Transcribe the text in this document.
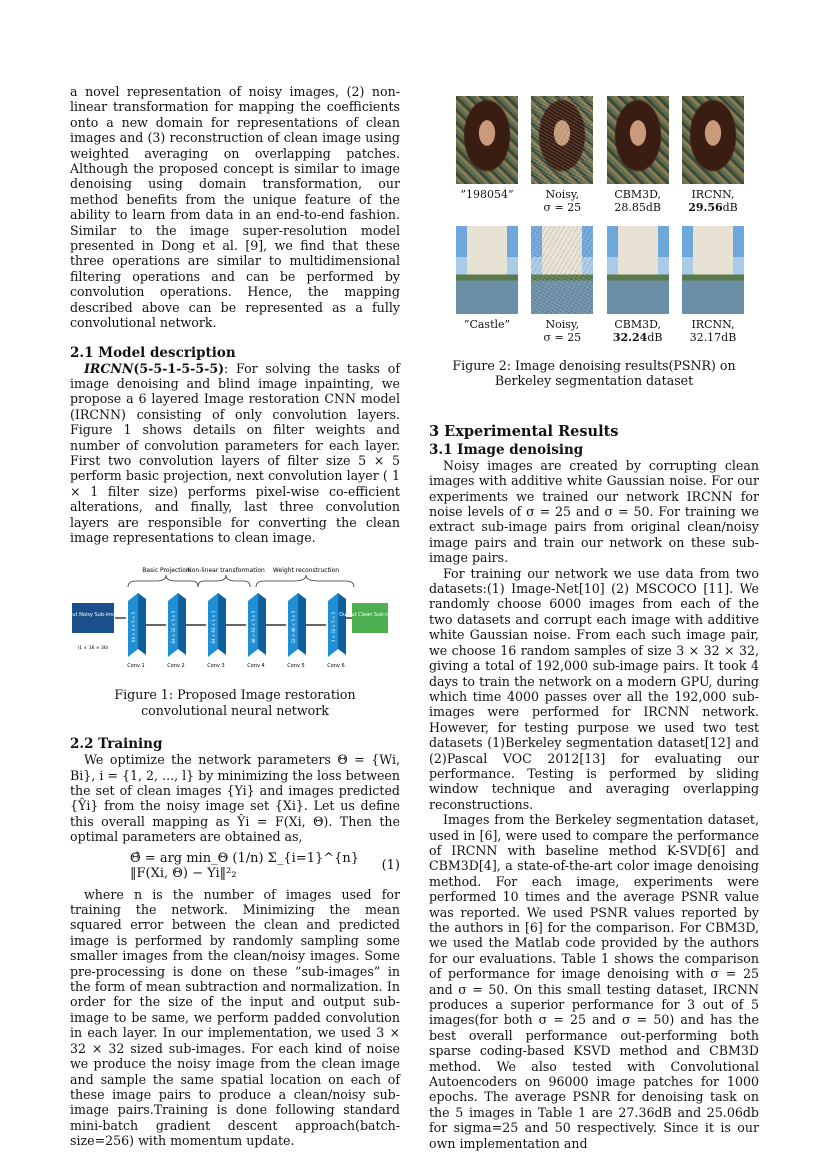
a novel representation of noisy images, (2) non-linear transformation for mapping the coefficients onto a new domain for representations of clean images and (3) reconstruction of clean image using weighted averaging on overlapping patches. Although the proposed concept is similar to image denoising using domain transformation, our method benefits from the unique feature of the ability to learn from data in an end-to-end fashion. Similar to the image super-resolution model presented in Dong et al. [9], we find that these three operations are similar to multidimensional filtering operations and can be performed by convolution operations. Hence, the mapping described above can be represented as a fully convolutional network.

2.1 Model description

IRCNN(5-5-1-5-5-5): For solving the tasks of image denoising and blind image inpainting, we propose a 6 layered Image restoration CNN model (IRCNN) consisting of only convolution layers. Figure 1 shows details on filter weights and number of convolution parameters for each layer. First two convolution layers of filter size 5 × 5 perform basic projection, next convolution layer ( 1 × 1 filter size) performs pixel-wise co-efficient alterations, and finally, last three convolution layers are responsible for converting the clean image representations to clean image.

Basic Projection
Non-linear transformation Weight reconstruction
Input Noisy Sub-image
(1 × 36 × 36)
64 × 3 × 5 × 5
Conv 1
64 × 32 × 5 × 5
Conv 2
64 × 64 × 1 × 1
Conv 3
48 × 64 × 5 × 5
Conv 4
32 × 48 × 5 × 5
Conv 5
3 × 32 × 5 × 5
Conv 6
Output Clean Sub-image
Figure 1: Proposed Image restoration convolutional neural network
2.2 Training

We optimize the network parameters Θ = {Wi, Bi}, i = {1, 2, ..., l} by minimizing the loss between the set of clean images {Yi} and images predicted {Ŷi} from the noisy image set {Xi}. Let us define this overall mapping as Ŷi = F(Xi, Θ). Then the optimal parameters are obtained as,

Θ̂ = arg min_Θ (1/n) Σ_{i=1}^{n} ‖F(Xi, Θ) − Yi‖²₂	(1)

where n is the number of images used for training the network. Minimizing the mean squared error between the clean and predicted image is performed by randomly sampling some smaller images from the clean/noisy images. Some pre-processing is done on these ”sub-images” in the form of mean subtraction and normalization. In order for the size of the input and output sub-image to be same, we perform padded convolution in each layer. In our implementation, we used 3 × 32 × 32 sized sub-images. For each kind of noise we produce the noisy image from the clean image and sample the same spatial location on each of these image pairs to produce a clean/noisy sub-image pairs.Training is done following standard mini-batch gradient descent approach(batch-size=256) with momentum update.

”198054”	Noisy,
σ = 25
CBM3D,
28.85dB
IRCNN,
29.56dB
”Castle”	Noisy,
σ = 25
CBM3D,
32.24dB
IRCNN,
32.17dB
Figure 2: Image denoising results(PSNR) on Berkeley segmentation dataset
3 Experimental Results
3.1 Image denoising

Noisy images are created by corrupting clean images with additive white Gaussian noise. For our experiments we trained our network IRCNN for noise levels of σ = 25 and σ = 50. For training we extract sub-image pairs from original clean/noisy image pairs and train our network on these sub-image pairs.

For training our network we use data from two datasets:(1) Image-Net[10] (2) MSCOCO [11]. We randomly choose 6000 images from each of the two datasets and corrupt each image with additive white Gaussian noise. From each such image pair, we choose 16 random samples of size 3 × 32 × 32, giving a total of 192,000 sub-image pairs. It took 4 days to train the network on a modern GPU, during which time 4000 passes over all the 192,000 sub-images were performed for IRCNN network. However, for testing purpose we used two test datasets (1)Berkeley segmentation dataset[12] and (2)Pascal VOC 2012[13] for evaluating our performance. Testing is performed by sliding window technique and averaging overlapping reconstructions.

Images from the Berkeley segmentation dataset, used in [6], were used to compare the performance of IRCNN with baseline method K-SVD[6] and CBM3D[4], a state-of-the-art color image denoising method. For each image, experiments were performed 10 times and the average PSNR value was reported. We used PSNR values reported by the authors in [6] for the comparison. For CBM3D, we used the Matlab code provided by the authors for our evaluations. Table 1 shows the comparison of performance for image denoising with σ = 25 and σ = 50. On this small testing dataset, IRCNN produces a superior performance for 3 out of 5 images(for both σ = 25 and σ = 50) and has the best overall performance out-performing both sparse coding-based KSVD method and CBM3D method. We also tested with Convolutional Autoencoders on 96000 image patches for 1000 epochs. The average PSNR for denoising task on the 5 images in Table 1 are 27.36dB and 25.06db for sigma=25 and 50 respectively. Since it is our own implementation and
